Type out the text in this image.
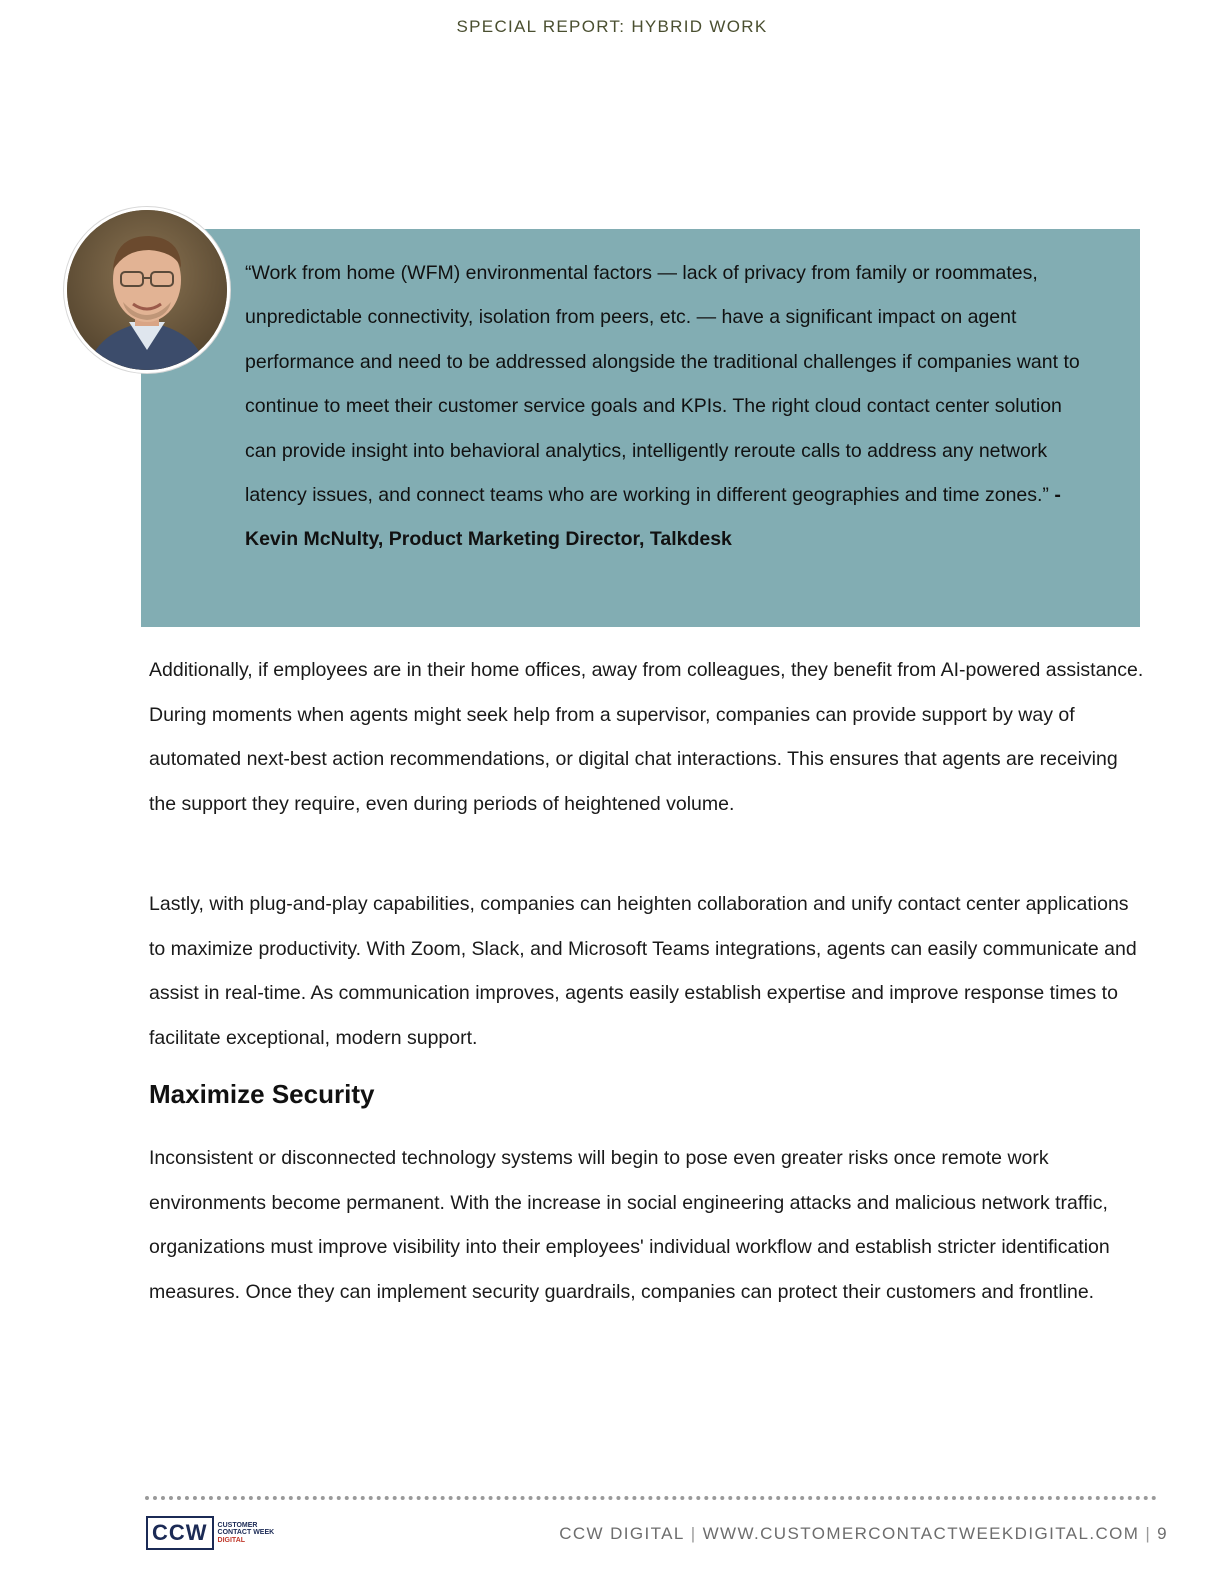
SPECIAL REPORT: HYBRID WORK

“Work from home (WFM) environmental factors — lack of privacy from family or roommates, unpredictable connectivity, isolation from peers, etc. — have a significant impact on agent performance and need to be addressed alongside the traditional challenges if companies want to continue to meet their customer service goals and KPIs. The right cloud contact center solution can provide insight into behavioral analytics, intelligently reroute calls to address any network latency issues, and connect teams who are working in different geographies and time zones.” - Kevin McNulty, Product Marketing Director, Talkdesk

Additionally, if employees are in their home offices, away from colleagues, they benefit from AI-powered assistance. During moments when agents might seek help from a supervisor, companies can provide support by way of automated next-best action recommendations, or digital chat interactions. This ensures that agents are receiving the support they require, even during periods of heightened volume.

Lastly, with plug-and-play capabilities, companies can heighten collaboration and unify contact center applications to maximize productivity. With Zoom, Slack, and Microsoft Teams integrations, agents can easily communicate and assist in real-time. As communication improves, agents easily establish expertise and improve response times to facilitate exceptional, modern support.

Maximize Security

Inconsistent or disconnected technology systems will begin to pose even greater risks once remote work environments become permanent. With the increase in social engineering attacks and malicious network traffic, organizations must improve visibility into their employees' individual workflow and establish stricter identification measures. Once they can implement security guardrails, companies can protect their customers and frontline.

CCW	CUSTOMER
CONTACT WEEK
DIGITAL	CCW DIGITAL | WWW.CUSTOMERCONTACTWEEKDIGITAL.COM | 9
